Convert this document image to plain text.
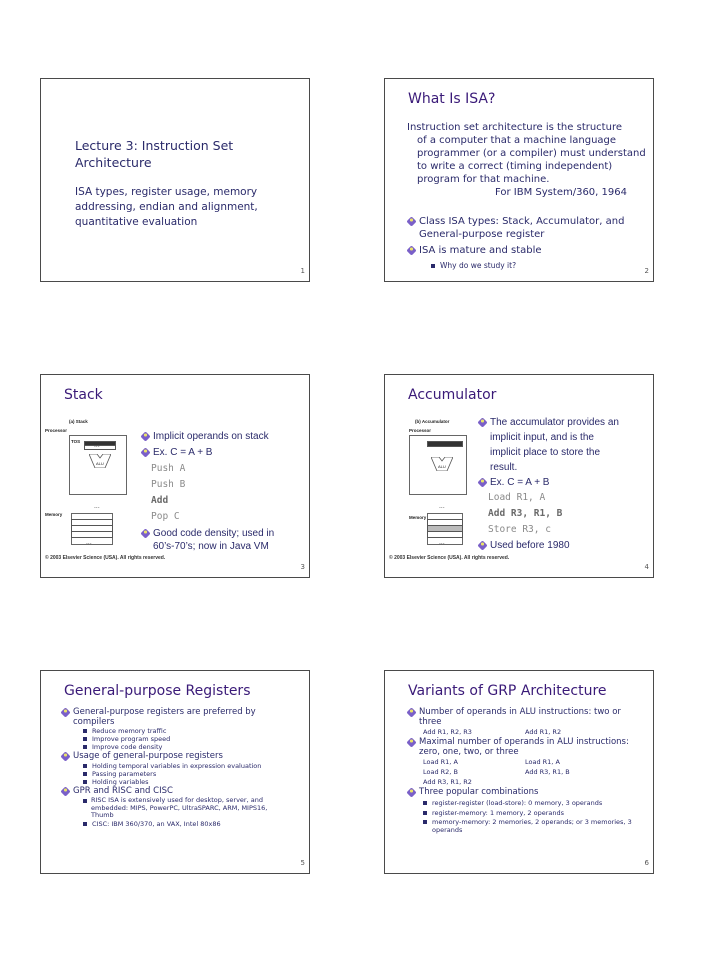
Lecture 3: Instruction Set
Architecture
ISA types, register usage, memory
addressing, endian and alignment,
quantitative evaluation
1
What Is ISA?
Instruction set architecture is the structure
of a computer that a machine language
programmer (or a compiler) must understand
to write a correct (timing independent)
program for that machine.
For IBM System/360, 1964
Class ISA types: Stack, Accumulator, and
General-purpose register
ISA is mature and stable
Why do we study it?
2
Stack
(a) Stack
Processor
TOS
···
ALU
Memory
···
···
Implicit operands on stack
Ex. C = A + B
Push A
Push B
Add
Pop C
Good code density; used in
60’s-70’s; now in Java VM
© 2003 Elsevier Science (USA). All rights reserved.
3
Accumulator
(b) Accumulator
Processor
ALU
Memory
···
···
The accumulator provides an
implicit input, and is the
implicit place to store the
result.
Ex. C = A + B
Load R1, A
Add R3, R1, B
Store R3, c
Used before 1980
© 2003 Elsevier Science (USA). All rights reserved.
4
General-purpose Registers
General-purpose registers are preferred by
compilers
Reduce memory traffic
Improve program speed
Improve code density
Usage of general-purpose registers
Holding temporal variables in expression evaluation
Passing parameters
Holding variables
GPR and RISC and CISC
RISC ISA is extensively used for desktop, server, and
embedded: MIPS, PowerPC, UltraSPARC, ARM, MIPS16,
Thumb
CISC: IBM 360/370, an VAX, Intel 80x86
5
Variants of GRP Architecture
Number of operands in ALU instructions: two or
three
Add R1, R2, R3	Add R1, R2
Maximal number of operands in ALU instructions:
zero, one, two, or three
Load R1, A	Load R1, A
Load R2, B	Add R3, R1, B
Add R3, R1, R2
Three popular combinations
register-register (load-store): 0 memory, 3 operands
register-memory: 1 memory, 2 operands
memory-memory: 2 memories, 2 operands; or 3 memories, 3
operands
6
